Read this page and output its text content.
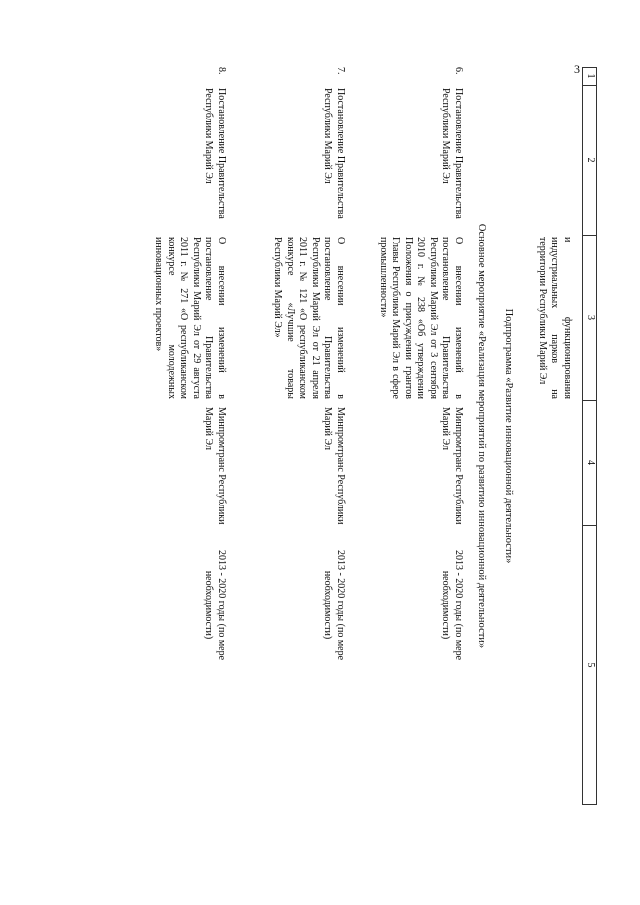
3 1
2
3
4
5
и функционирования индустриальных парков на территории Республики Марий Эл
Подпрограмма «Развитие инновационной деятельности»
Основное мероприятие «Реализация мероприятий по развитию инновационной деятельности»
6.
Постановление Правительства Республики Марий Эл
О внесении изменений в постановление Правительства Республики Марий Эл от 3 сентября 2010 г. № 238 «Об утверждении Положения о присуждении грантов Главы Республики Марий Эл в сфере промышленности»
Минпромтранс Республики Марий Эл
2013 - 2020 годы (по мере необходимости)
7.
Постановление Правительства Республики Марий Эл
О внесении изменений в постановление Правительства Республики Марий Эл от 21 апреля 2011 г. № 121 «О республиканском конкурсе «Лучшие товары Республики Марий Эл»
Минпромтранс Республики Марий Эл
2013 - 2020 годы (по мере необходимости)
8.
Постановление Правительства Республики Марий Эл
О внесении изменений в постановление Правительства Республики Марий Эл от 29 августа 2011 г. № 271 «О республиканском конкурсе молодежных инновационных проектов»
Минпромтранс Республики Марий Эл
2013 - 2020 годы (по мере необходимости)
